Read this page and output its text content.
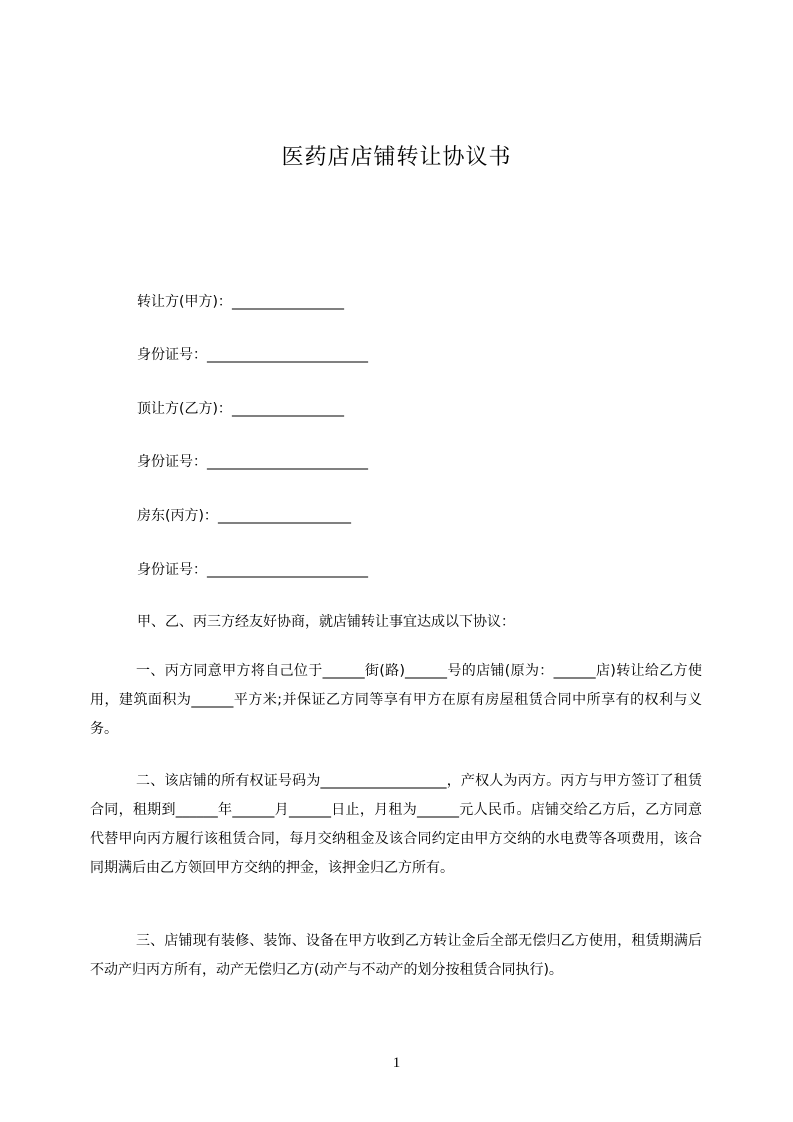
医药店店铺转让协议书
转让方(甲方)：________________
身份证号：_______________________
顶让方(乙方)：________________
身份证号：_______________________
房东(丙方)：___________________
身份证号：_______________________
甲、乙、丙三方经友好协商，就店铺转让事宜达成以下协议：
一、丙方同意甲方将自己位于______街(路)______号的店铺(原为：______店)转让给乙方使用，建筑面积为______平方米;并保证乙方同等享有甲方在原有房屋租赁合同中所享有的权利与义务。
二、该店铺的所有权证号码为__________________，产权人为丙方。丙方与甲方签订了租赁合同，租期到______年______月______日止，月租为______元人民币。店铺交给乙方后，乙方同意代替甲向丙方履行该租赁合同，每月交纳租金及该合同约定由甲方交纳的水电费等各项费用，该合同期满后由乙方领回甲方交纳的押金，该押金归乙方所有。
三、店铺现有装修、装饰、设备在甲方收到乙方转让金后全部无偿归乙方使用，租赁期满后不动产归丙方所有，动产无偿归乙方(动产与不动产的划分按租赁合同执行)。
1
